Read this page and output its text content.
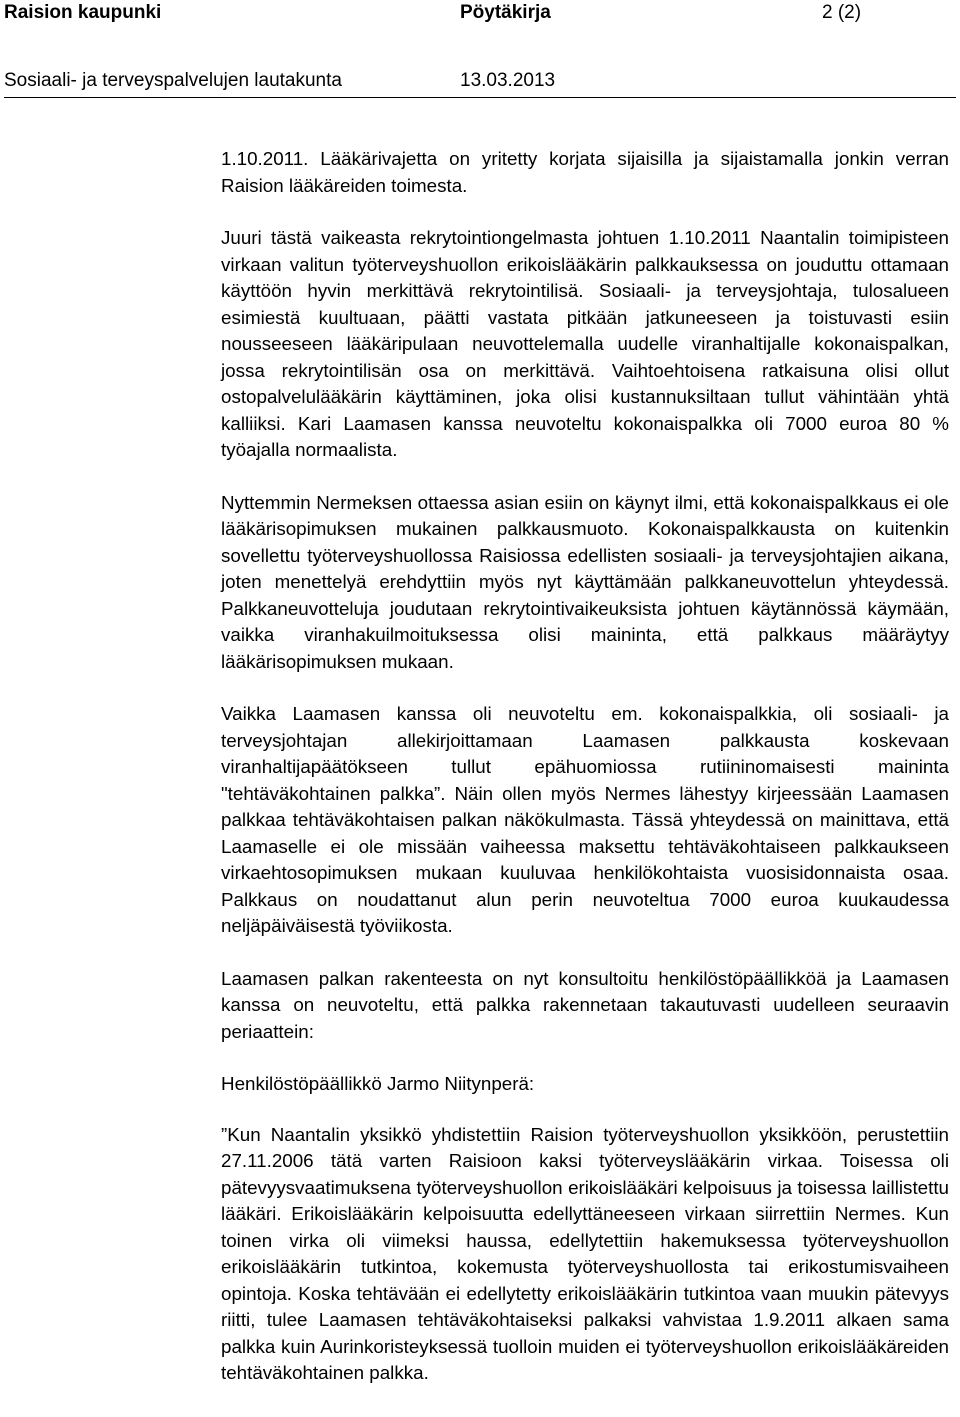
Raision kaupunki	Pöytäkirja	2 (2)
Sosiaali- ja terveyspalvelujen lautakunta	13.03.2013

1.10.2011. Lääkärivajetta on yritetty korjata sijaisilla ja sijaistamalla jonkin verran Raision lääkäreiden toimesta.

Juuri tästä vaikeasta rekrytointiongelmasta johtuen 1.10.2011 Naantalin toimipisteen virkaan valitun työterveyshuollon erikoislääkärin palkkauksessa on jouduttu ottamaan käyttöön hyvin merkittävä rekrytointilisä. Sosiaali- ja terveysjohtaja, tulosalueen esimiestä kuultuaan, päätti vastata pitkään jatkuneeseen ja toistuvasti esiin nousseeseen lääkäripulaan neuvottelemalla uudelle viranhaltijalle kokonaispalkan, jossa rekrytointilisän osa on merkittävä. Vaihtoehtoisena ratkaisuna olisi ollut ostopalvelulääkärin käyttäminen, joka olisi kustannuksiltaan tullut vähintään yhtä kalliiksi. Kari Laamasen kanssa neuvoteltu kokonaispalkka oli 7000 euroa 80 % työajalla normaalista.

Nyttemmin Nermeksen ottaessa asian esiin on käynyt ilmi, että kokonaispalkkaus ei ole lääkärisopimuksen mukainen palkkausmuoto. Kokonaispalkkausta on kuitenkin sovellettu työterveyshuollossa Raisiossa edellisten sosiaali- ja terveysjohtajien aikana, joten menettelyä erehdyttiin myös nyt käyttämään palkkaneuvottelun yhteydessä. Palkkaneuvotteluja joudutaan rekrytointivaikeuksista johtuen käytännössä käymään, vaikka viranhakuilmoituksessa olisi maininta, että palkkaus määräytyy lääkärisopimuksen mukaan.

Vaikka Laamasen kanssa oli neuvoteltu em. kokonaispalkkia, oli sosiaali- ja terveysjohtajan allekirjoittamaan Laamasen palkkausta koskevaan viranhaltijapäätökseen tullut epähuomiossa rutiininomaisesti maininta "tehtäväkohtainen palkka”. Näin ollen myös Nermes lähestyy kirjeessään Laamasen palkkaa tehtäväkohtaisen palkan näkökulmasta. Tässä yhteydessä on mainittava, että Laamaselle ei ole missään vaiheessa maksettu tehtäväkohtaiseen palkkaukseen virkaehtosopimuksen mukaan kuuluvaa henkilökohtaista vuosisidonnaista osaa. Palkkaus on noudattanut alun perin neuvoteltua 7000 euroa kuukaudessa neljäpäiväisestä työviikosta.

Laamasen palkan rakenteesta on nyt konsultoitu henkilöstöpäällikköä ja Laamasen kanssa on neuvoteltu, että palkka rakennetaan takautuvasti uudelleen seuraavin periaattein:

Henkilöstöpäällikkö Jarmo Niitynperä:

”Kun Naantalin yksikkö yhdistettiin Raision työterveyshuollon yksikköön, perustettiin 27.11.2006 tätä varten Raisioon kaksi työterveyslääkärin virkaa. Toisessa oli pätevyysvaatimuksena työterveyshuollon erikoislääkäri kelpoisuus ja toisessa laillistettu lääkäri. Erikoislääkärin kelpoisuutta edellyttäneeseen virkaan siirrettiin Nermes. Kun toinen virka oli viimeksi haussa, edellytettiin hakemuksessa työterveyshuollon erikoislääkärin tutkintoa, kokemusta työterveyshuollosta tai erikostumisvaiheen opintoja. Koska tehtävään ei edellytetty erikoislääkärin tutkintoa vaan muukin pätevyys riitti, tulee Laamasen tehtäväkohtaiseksi palkaksi vahvistaa 1.9.2011 alkaen sama palkka kuin Aurinkoristeyksessä tuolloin muiden ei työterveyshuollon erikoislääkäreiden tehtäväkohtainen palkka.
